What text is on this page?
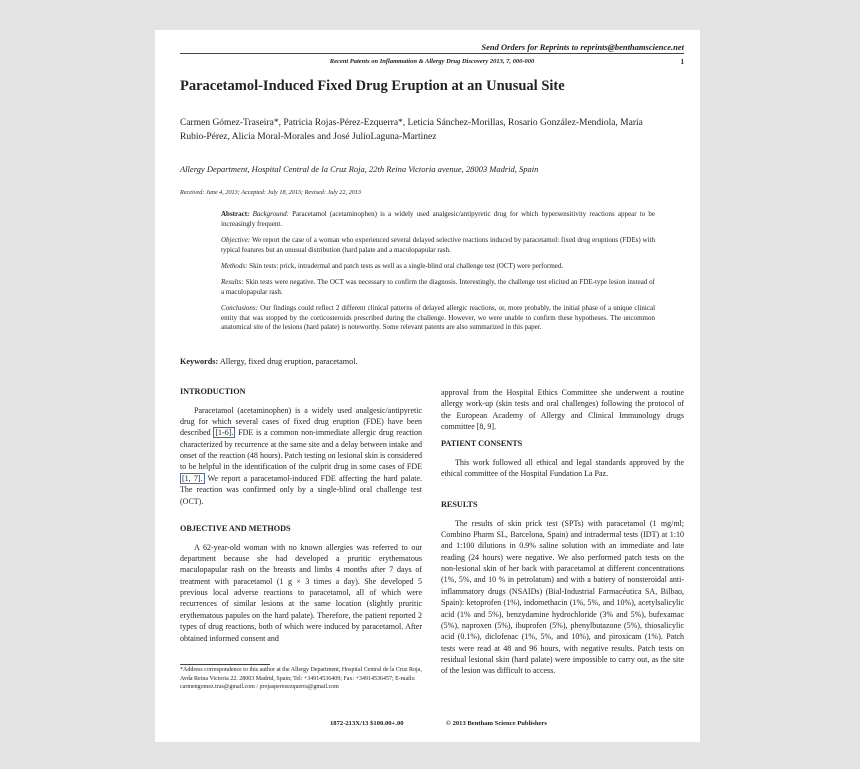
Send Orders for Reprints to reprints@benthamscience.net
Recent Patents on Inflammation & Allergy Drug Discovery 2013, 7, 000-000	1
Paracetamol-Induced Fixed Drug Eruption at an Unusual Site
Carmen Gómez-Traseira*, Patricia Rojas-Pérez-Ezquerra*, Leticia Sánchez-Morillas, Rosario González-Mendiola, María Rubio-Pérez, Alicia Moral-Morales and José JulioLaguna-Martinez
Allergy Department, Hospital Central de la Cruz Roja, 22th Reina Victoria avenue, 28003 Madrid, Spain
Received: June 4, 2013; Accepted: July 18, 2013; Revised: July 22, 2013

Abstract: Background: Paracetamol (acetaminophen) is a widely used analgesic/antipyretic drug for which hypersensitivity reactions appear to be increasingly frequent.

Objective: We report the case of a woman who experienced several delayed selective reactions induced by paracetamol: fixed drug eruptions (FDEs) with typical features but an unusual distribution (hard palate and a maculopapular rash.

Methods: Skin tests: prick, intradermal and patch tests as well as a single-blind oral challenge test (OCT) were performed.

Results: Skin tests were negative. The OCT was necessary to confirm the diagnosis. Interestingly, the challenge test elicited an FDE-type lesion instead of a maculopapular rash.

Conclusions: Our findings could reflect 2 different clinical patterns of delayed allergic reactions, or, more probably, the initial phase of a unique clinical entity that was stopped by the corticosteroids prescribed during the challenge. However, we were unable to confirm these hypotheses. The uncommon anatomical site of the lesions (hard palate) is noteworthy. Some relevant patents are also summarized in this paper.

Keywords: Allergy, fixed drug eruption, paracetamol.
INTRODUCTION

Paracetamol (acetaminophen) is a widely used analgesic/antipyretic drug for which several cases of fixed drug eruption (FDE) have been described [1-6]. FDE is a common non-immediate allergic drug reaction characterized by recurrence at the same site and a delay between intake and onset of the reaction (48 hours). Patch testing on lesional skin is considered to be helpful in the identification of the culprit drug in some cases of FDE [1, 7]. We report a paracetamol-induced FDE affecting the hard palate. The reaction was confirmed only by a single-blind oral challenge test (OCT).

OBJECTIVE AND METHODS

A 62-year-old woman with no known allergies was referred to our department because she had developed a pruritic erythematous maculopapular rash on the breasts and limbs 4 months after 7 days of treatment with paracetamol (1 g × 3 times a day). She developed 5 previous local adverse reactions to paracetamol, all of which were recurrences of similar lesions at the same location (slightly pruritic erythematous papules on the hard palate). Therefore, the patient reported 2 types of drug reactions, both of which were induced by paracetamol. After obtained informed consent and

approval from the Hospital Ethics Committee she underwent a routine allergy work-up (skin tests and oral challenges) following the protocol of the European Academy of Allergy and Clinical Immunology drugs committee [8, 9].

PATIENT CONSENTS

This work followed all ethical and legal standards approved by the ethical committee of the Hospital Fundation La Paz.

RESULTS

The results of skin prick test (SPTs) with paracetamol (1 mg/ml; Combino Pharm SL, Barcelona, Spain) and intradermal tests (IDT) at 1:10 and 1:100 dilutions in 0.9% saline solution with an immediate and late reading (24 hours) were negative. We also performed patch tests on the non-lesional skin of her back with paracetamol at different concentrations (1%, 5%, and 10 % in petrolatum) and with a battery of nonsteroidal anti-inflammatory drugs (NSAIDs) (Bial-Industrial Farmacéutica SA, Bilbao, Spain): ketoprofen (1%), indomethacin (1%, 5%, and 10%), acetylsalicylic acid (1% and 5%), benzydamine hydrochloride (3% and 5%), bufexamac (5%), naproxen (5%), ibuprofen (5%), phenylbutazone (5%), thiosalicylic acid (0.1%), diclofenac (1%, 5%, and 10%), and piroxicam (1%). Patch tests were read at 48 and 96 hours, with negative results. Patch tests on residual lesional skin (hard palate) were impossible to carry out, as the site of the lesion was difficult to access.

*Address correspondence to this author at the Allergy Department, Hospital Central de la Cruz Roja, Avda Reina Victoria 22. 28003 Madrid, Spain; Tel: +34914536409; Fax: +34914536457; E-mails: carmengomez.tras@gmail.com / projasperezezquerra@gmail.com
1872-213X/13 $100.00+.00	© 2013 Bentham Science Publishers
